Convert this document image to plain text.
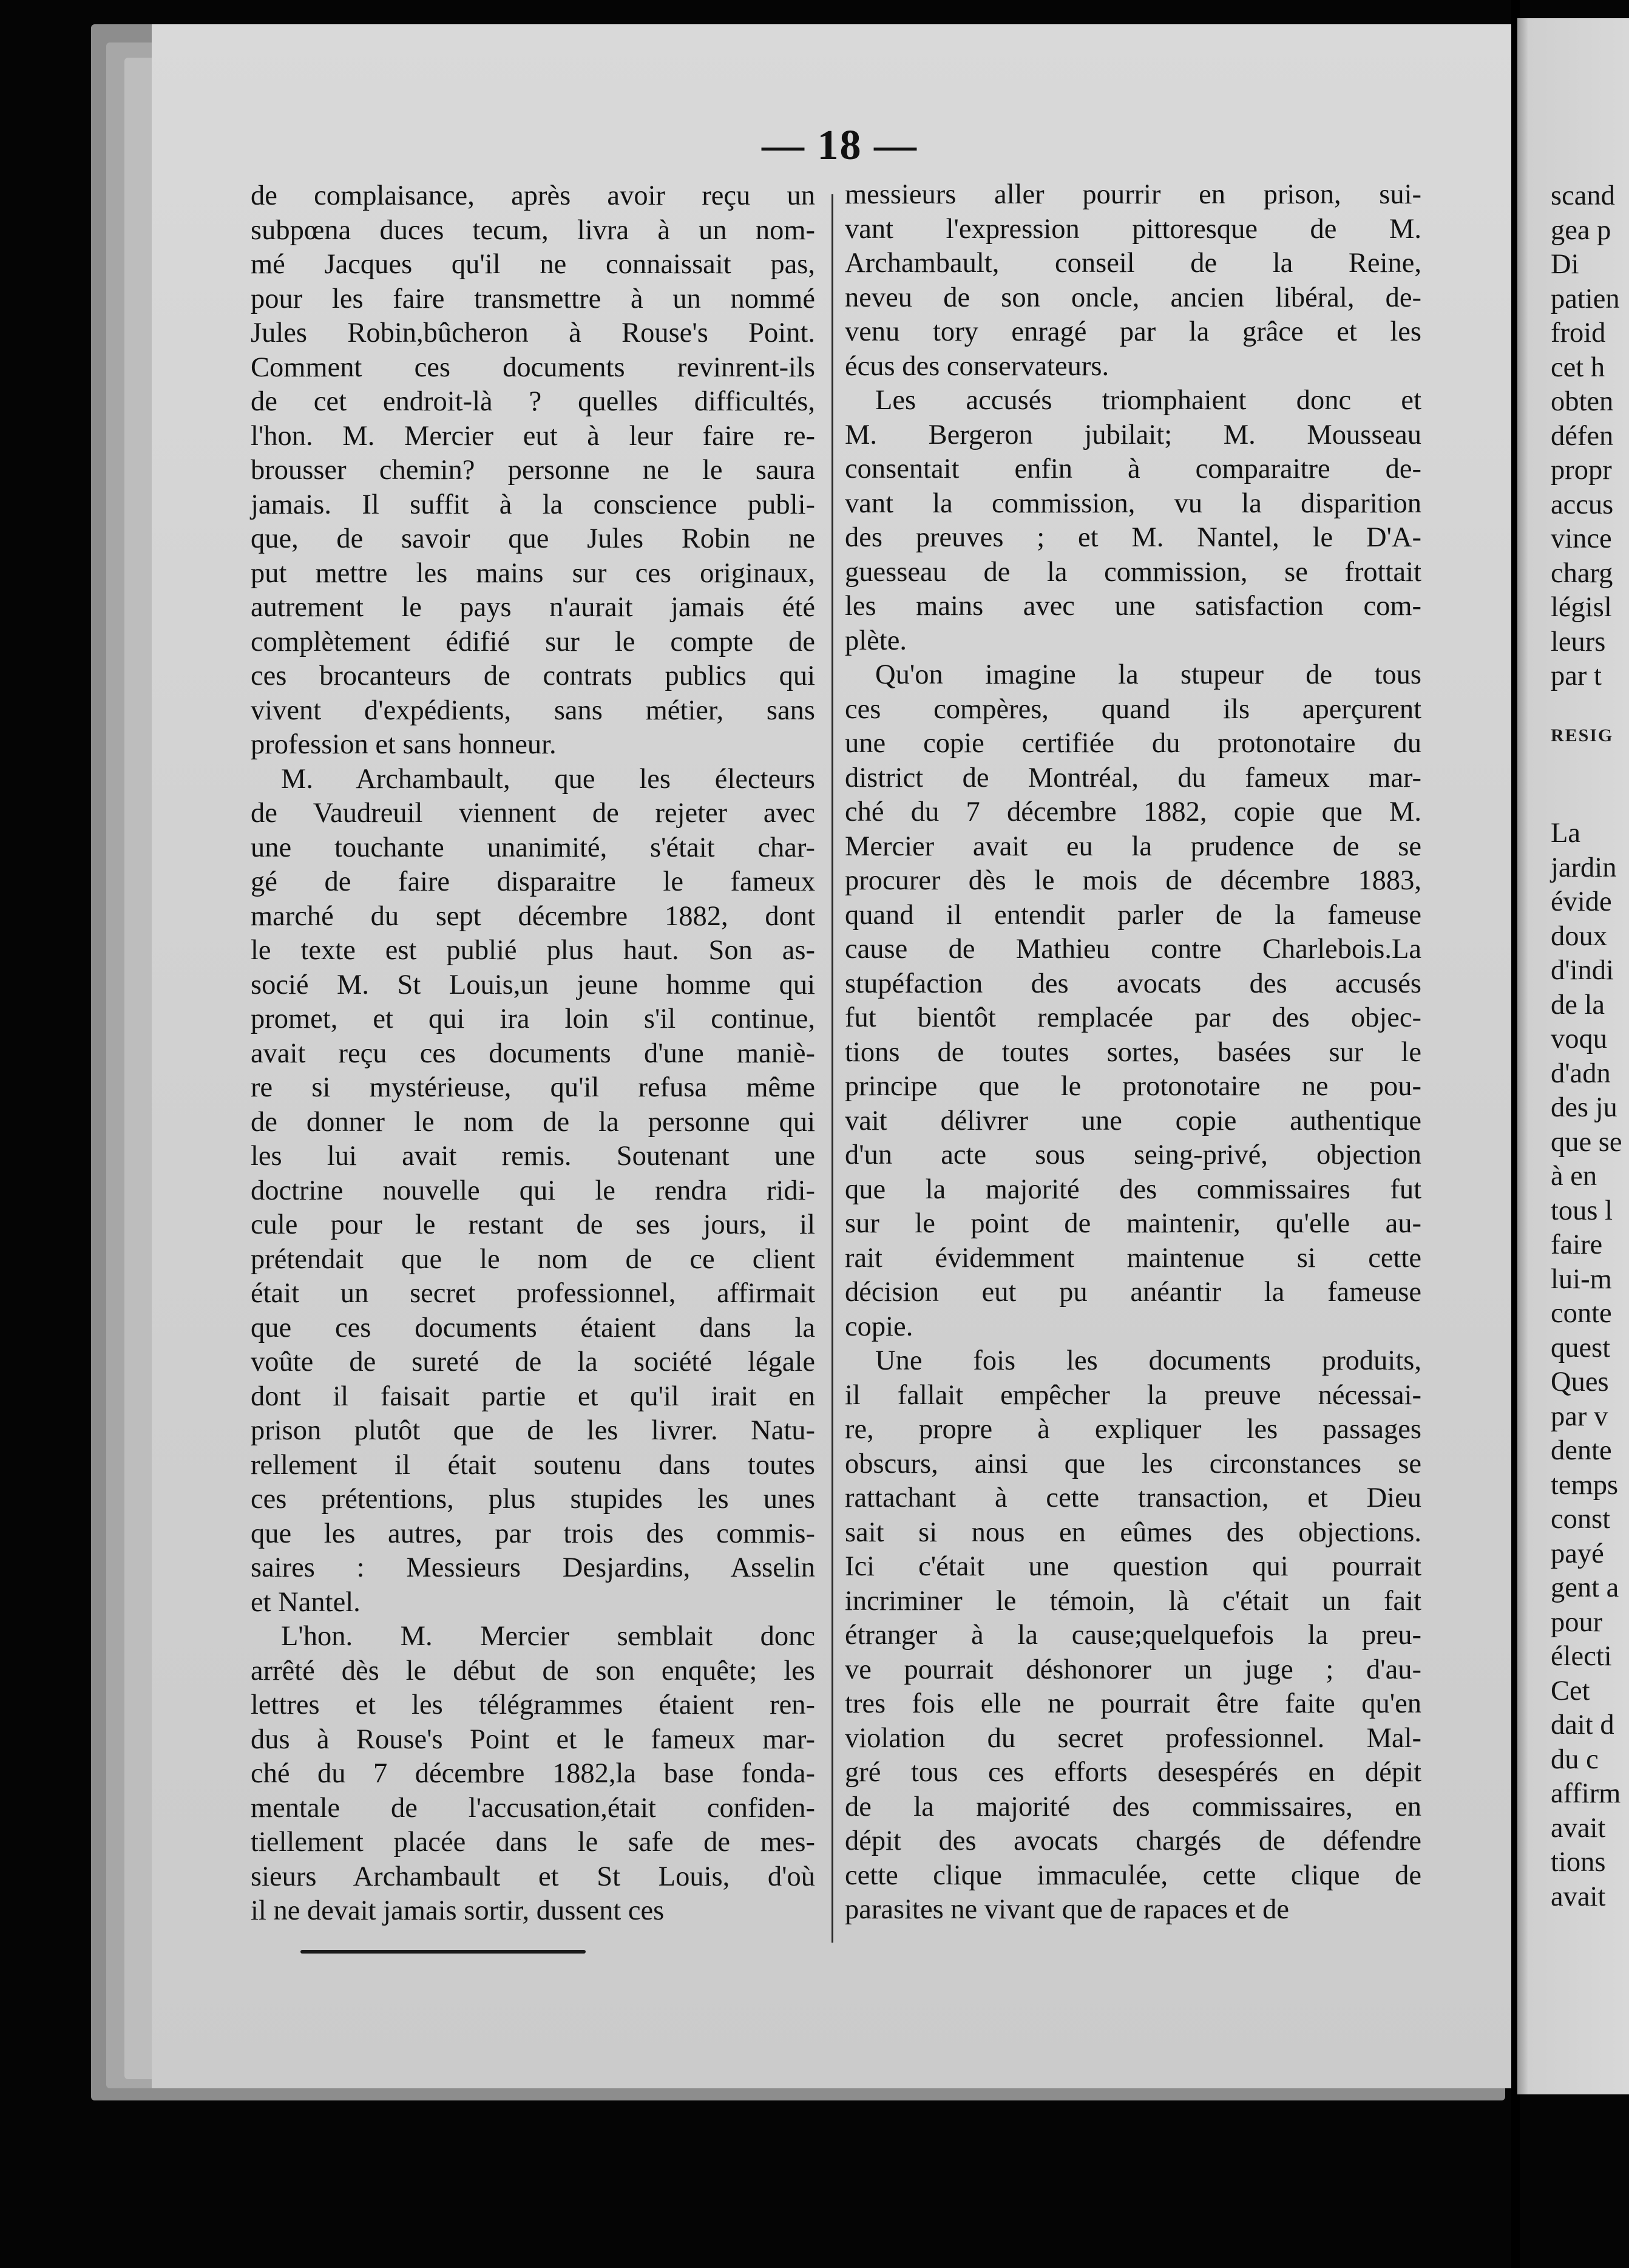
— 18 —

de complaisance, après avoir reçu un
subpœna duces tecum, livra à un nom-
mé Jacques qu'il ne connaissait pas,
pour les faire transmettre à un nommé
Jules Robin,bûcheron à Rouse's Point.
Comment ces documents revinrent-ils
de cet endroit-là ? quelles difficultés,
l'hon. M. Mercier eut à leur faire re-
brousser chemin? personne ne le saura
jamais. Il suffit à la conscience publi-
que, de savoir que Jules Robin ne
put mettre les mains sur ces originaux,
autrement le pays n'aurait jamais été
complètement édifié sur le compte de
ces brocanteurs de contrats publics qui
vivent d'expédients, sans métier, sans
profession et sans honneur.

M. Archambault, que les électeurs
de Vaudreuil viennent de rejeter avec
une touchante unanimité, s'était char-
gé de faire disparaitre le fameux
marché du sept décembre 1882, dont
le texte est publié plus haut. Son as-
socié M. St Louis,un jeune homme qui
promet, et qui ira loin s'il continue,
avait reçu ces documents d'une maniè-
re si mystérieuse, qu'il refusa même
de donner le nom de la personne qui
les lui avait remis. Soutenant une
doctrine nouvelle qui le rendra ridi-
cule pour le restant de ses jours, il
prétendait que le nom de ce client
était un secret professionnel, affirmait
que ces documents étaient dans la
voûte de sureté de la société légale
dont il faisait partie et qu'il irait en
prison plutôt que de les livrer. Natu-
rellement il était soutenu dans toutes
ces prétentions, plus stupides les unes
que les autres, par trois des commis-
saires : Messieurs Desjardins, Asselin
et Nantel.

L'hon. M. Mercier semblait donc
arrêté dès le début de son enquête; les
lettres et les télégrammes étaient ren-
dus à Rouse's Point et le fameux mar-
ché du 7 décembre 1882,la base fonda-
mentale de l'accusation,était confiden-
tiellement placée dans le safe de mes-
sieurs Archambault et St Louis, d'où
il ne devait jamais sortir, dussent ces

messieurs aller pourrir en prison, sui-
vant l'expression pittoresque de M.
Archambault, conseil de la Reine,
neveu de son oncle, ancien libéral, de-
venu tory enragé par la grâce et les
écus des conservateurs.

Les accusés triomphaient donc et
M. Bergeron jubilait; M. Mousseau
consentait enfin à comparaitre de-
vant la commission, vu la disparition
des preuves ; et M. Nantel, le D'A-
guesseau de la commission, se frottait
les mains avec une satisfaction com-
plète.

Qu'on imagine la stupeur de tous
ces compères, quand ils aperçurent
une copie certifiée du protonotaire du
district de Montréal, du fameux mar-
ché du 7 décembre 1882, copie que M.
Mercier avait eu la prudence de se
procurer dès le mois de décembre 1883,
quand il entendit parler de la fameuse
cause de Mathieu contre Charlebois.La
stupéfaction des avocats des accusés
fut bientôt remplacée par des objec-
tions de toutes sortes, basées sur le
principe que le protonotaire ne pou-
vait délivrer une copie authentique
d'un acte sous seing-privé, objection
que la majorité des commissaires fut
sur le point de maintenir, qu'elle au-
rait évidemment maintenue si cette
décision eut pu anéantir la fameuse
copie.

Une fois les documents produits,
il fallait empêcher la preuve nécessai-
re, propre à expliquer les passages
obscurs, ainsi que les circonstances se
rattachant à cette transaction, et Dieu
sait si nous en eûmes des objections.
Ici c'était une question qui pourrait
incriminer le témoin, là c'était un fait
étranger à la cause;quelquefois la preu-
ve pourrait déshonorer un juge ; d'au-
tres fois elle ne pourrait être faite qu'en
violation du secret professionnel. Mal-
gré tous ces efforts desespérés en dépit
de la majorité des commissaires, en
dépit des avocats chargés de défendre
cette clique immaculée, cette clique de
parasites ne vivant que de rapaces et de

scand
gea p
Di
patien
froid
cet h
obten
défen
propr
accus
vince
charg
législ
leurs
par t
RESIG
La
jardin
évide
doux
d'indi
de la
voqu
d'adn
des ju
que se
à en
tous l
faire
lui-m
conte
quest
Ques
par v
dente
temps
const
payé
gent a
pour
électi
Cet
dait d
du c
affirm
avait
tions
avait
